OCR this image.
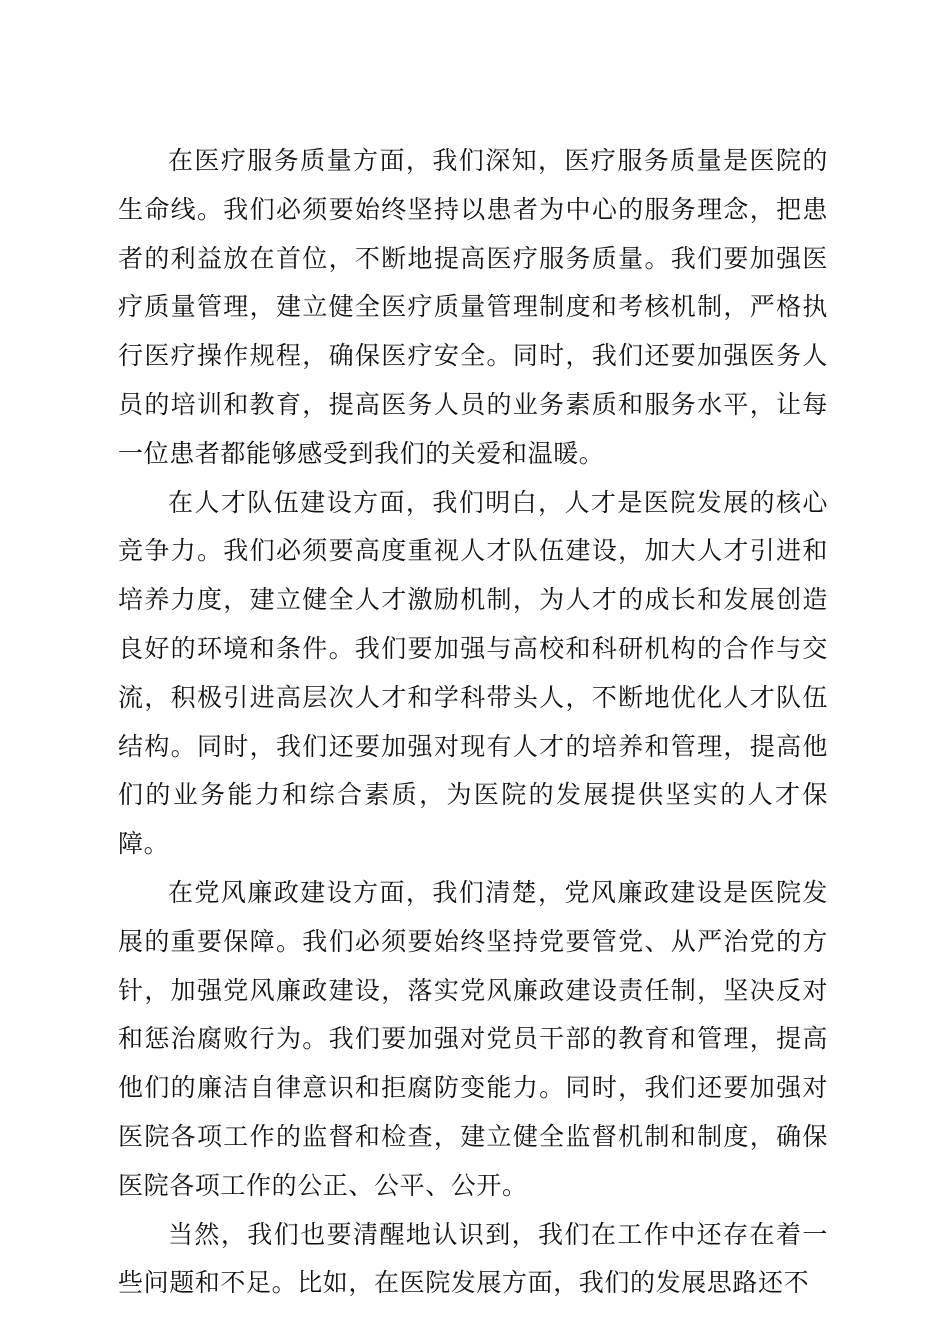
在医疗服务质量方面，我们深知，医疗服务质量是医院的生命线。我们必须要始终坚持以患者为中心的服务理念，把患者的利益放在首位，不断地提高医疗服务质量。我们要加强医疗质量管理，建立健全医疗质量管理制度和考核机制，严格执行医疗操作规程，确保医疗安全。同时，我们还要加强医务人员的培训和教育，提高医务人员的业务素质和服务水平，让每一位患者都能够感受到我们的关爱和温暖。

在人才队伍建设方面，我们明白，人才是医院发展的核心竞争力。我们必须要高度重视人才队伍建设，加大人才引进和培养力度，建立健全人才激励机制，为人才的成长和发展创造良好的环境和条件。我们要加强与高校和科研机构的合作与交流，积极引进高层次人才和学科带头人，不断地优化人才队伍结构。同时，我们还要加强对现有人才的培养和管理，提高他们的业务能力和综合素质，为医院的发展提供坚实的人才保障。

在党风廉政建设方面，我们清楚，党风廉政建设是医院发展的重要保障。我们必须要始终坚持党要管党、从严治党的方针，加强党风廉政建设，落实党风廉政建设责任制，坚决反对和惩治腐败行为。我们要加强对党员干部的教育和管理，提高他们的廉洁自律意识和拒腐防变能力。同时，我们还要加强对医院各项工作的监督和检查，建立健全监督机制和制度，确保医院各项工作的公正、公平、公开。

当然，我们也要清醒地认识到，我们在工作中还存在着一些问题和不足。比如，在医院发展方面，我们的发展思路还不
